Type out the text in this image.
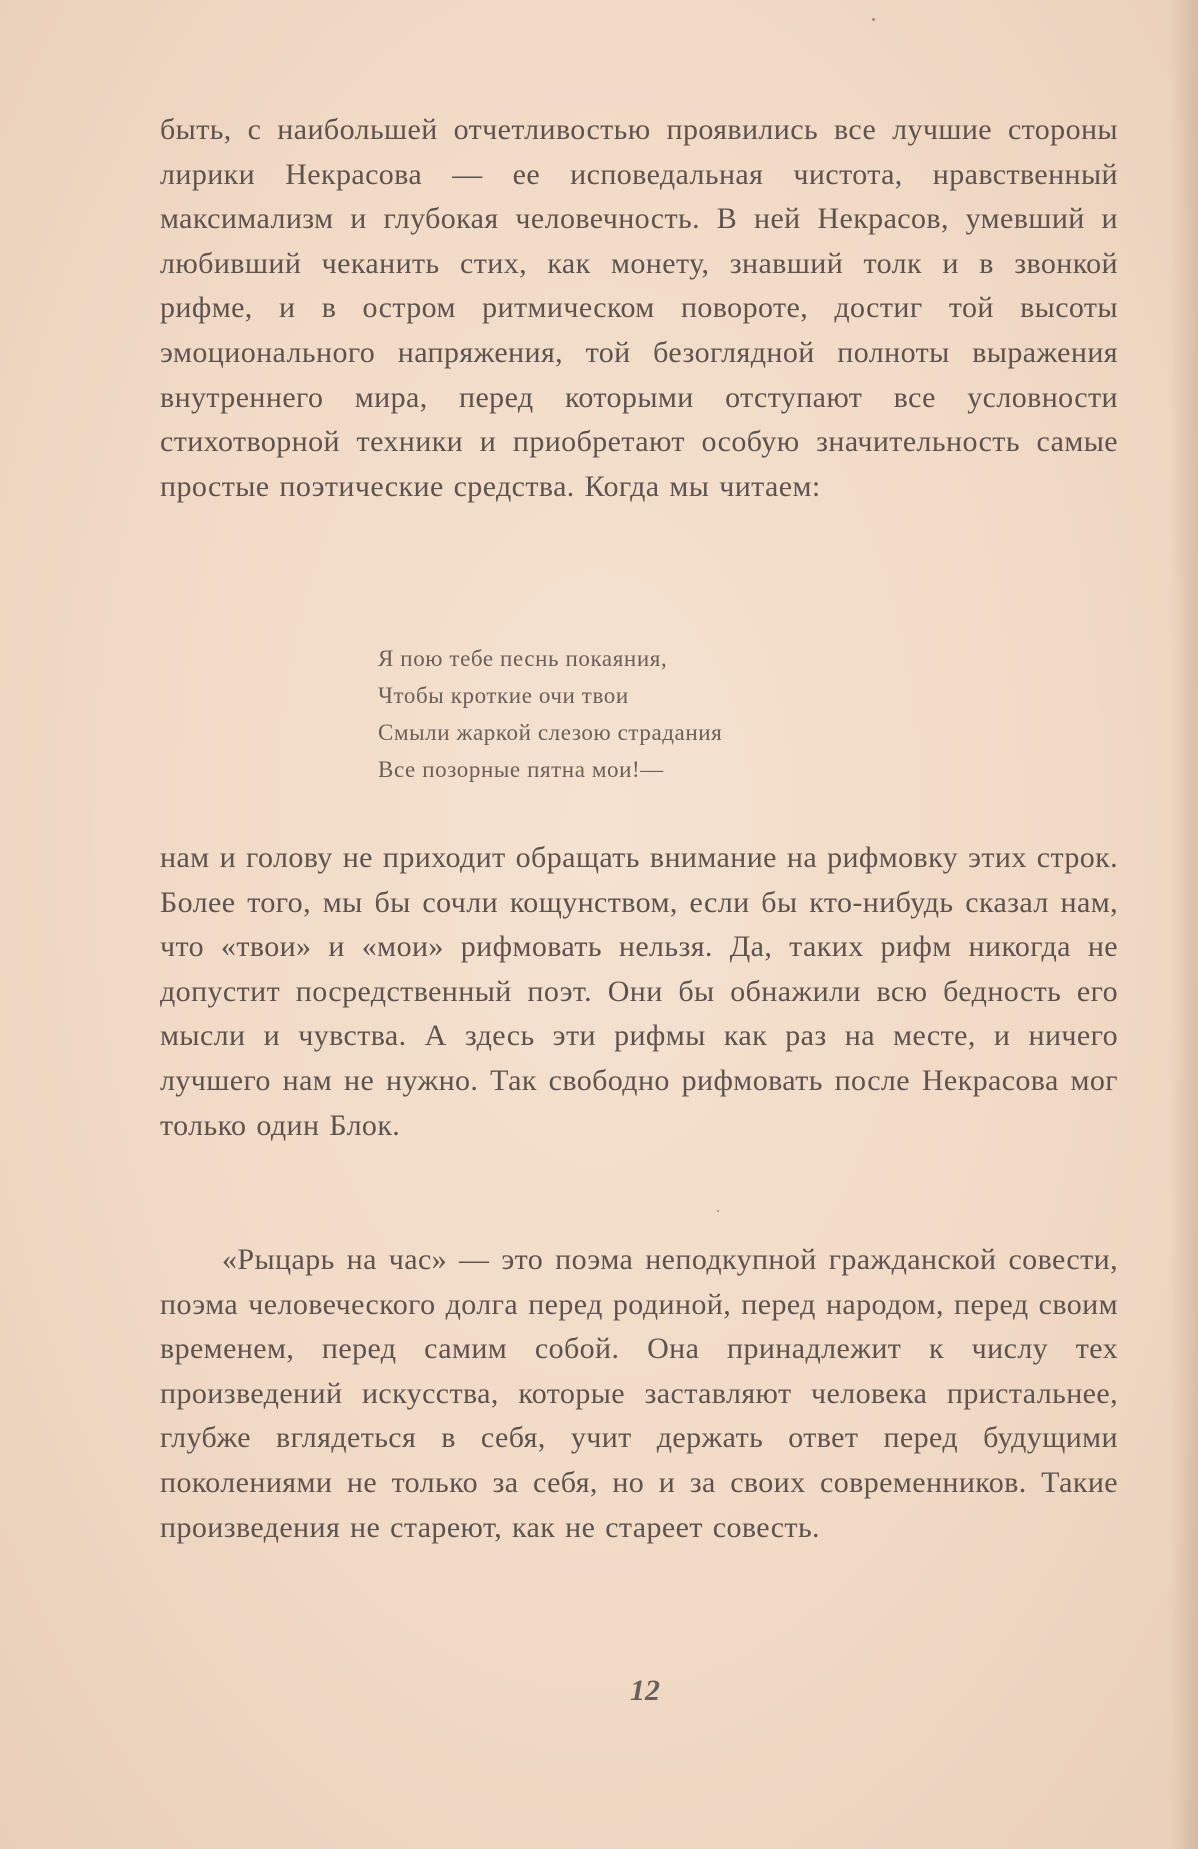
быть, с наибольшей отчетливостью проявились все лучшие стороны лирики Некрасова — ее исповедальная чистота, нравственный максимализм и глубокая человечность. В ней Некрасов, умевший и любивший чеканить стих, как монету, знавший толк и в звонкой рифме, и в остром ритмическом повороте, достиг той высоты эмоционального напряжения, той безоглядной полноты выражения внутреннего мира, перед которыми отступают все условности стихотворной техники и приобретают особую значительность самые простые поэтические средства. Когда мы читаем:

Я пою тебе песнь покаяния,
Чтобы кроткие очи твои
Смыли жаркой слезою страдания
Все позорные пятна мои!—

нам и голову не приходит обращать внимание на рифмовку этих строк. Более того, мы бы сочли кощунством, если бы кто-нибудь сказал нам, что «твои» и «мои» рифмовать нельзя. Да, таких рифм никогда не допустит посредственный поэт. Они бы обнажили всю бедность его мысли и чувства. А здесь эти рифмы как раз на месте, и ничего лучшего нам не нужно. Так свободно рифмовать после Некрасова мог только один Блок.

«Рыцарь на час» — это поэма неподкупной гражданской совести, поэма человеческого долга перед родиной, перед народом, перед своим временем, перед самим собой. Она принадлежит к числу тех произведений искусства, которые заставляют человека пристальнее, глубже вглядеться в себя, учит держать ответ перед будущими поколениями не только за себя, но и за своих современников. Такие произведения не стареют, как не стареет совесть.

12
